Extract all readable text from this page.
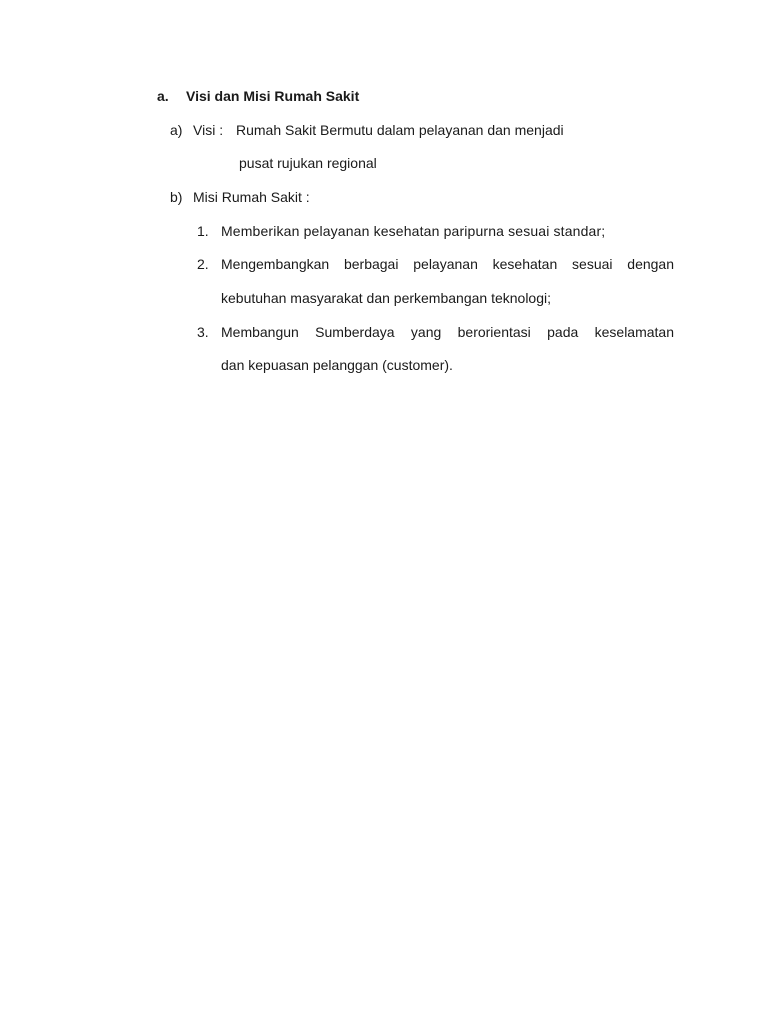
a. Visi dan Misi Rumah Sakit
a) Visi : Rumah Sakit Bermutu dalam pelayanan dan menjadi
pusat rujukan regional
b) Misi Rumah Sakit :
1. Memberikan pelayanan kesehatan paripurna sesuai standar;
2. Mengembangkan berbagai pelayanan kesehatan sesuai dengan
kebutuhan masyarakat dan perkembangan teknologi;
3. Membangun Sumberdaya yang berorientasi pada keselamatan
dan kepuasan pelanggan (customer).
